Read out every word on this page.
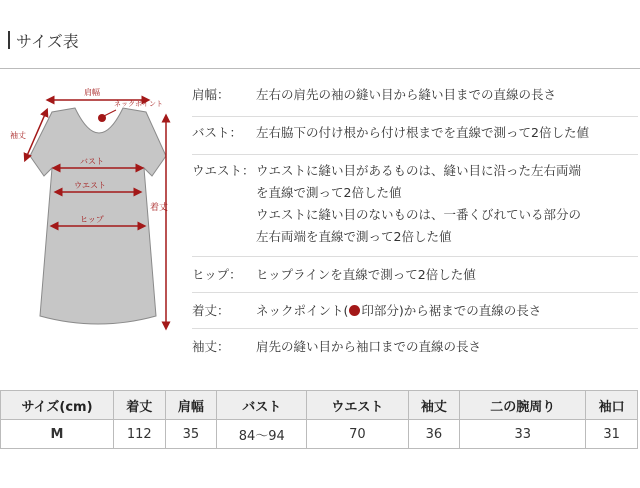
サイズ表
肩幅
ネックポイント
袖丈
バスト
ウエスト
ヒップ
着丈
肩幅： 左右の肩先の袖の縫い目から縫い目までの直線の長さ
バスト： 左右脇下の付け根から付け根までを直線で測って2倍した値
ウエスト： ウエストに縫い目があるものは、縫い目に沿った左右両端
を直線で測って2倍した値
ウエストに縫い目のないものは、一番くびれている部分の
左右両端を直線で測って2倍した値
ヒップ： ヒップラインを直線で測って2倍した値
着丈： ネックポイント( 印部分)から裾までの直線の長さ
袖丈： 肩先の縫い目から袖口までの直線の長さ
サイズ(cm)	着丈	肩幅	バスト	ウエスト	袖丈	二の腕周り	袖口
M	112	35	84〜94	70	36	33	31
